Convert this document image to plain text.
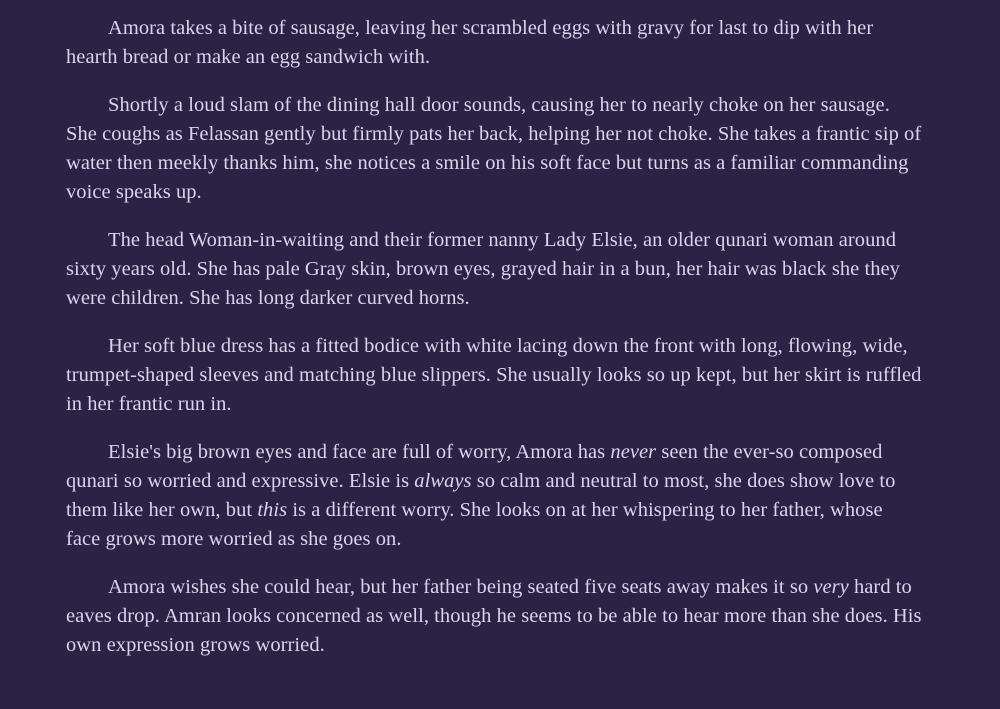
Amora takes a bite of sausage, leaving her scrambled eggs with gravy for last to dip with her hearth bread or make an egg sandwich with.

Shortly a loud slam of the dining hall door sounds, causing her to nearly choke on her sausage. She coughs as Felassan gently but firmly pats her back, helping her not choke. She takes a frantic sip of water then meekly thanks him, she notices a smile on his soft face but turns as a familiar commanding voice speaks up.

The head Woman-in-waiting and their former nanny Lady Elsie, an older qunari woman around sixty years old. She has pale Gray skin, brown eyes, grayed hair in a bun, her hair was black she they were children. She has long darker curved horns.

Her soft blue dress has a fitted bodice with white lacing down the front with long, flowing, wide, trumpet-shaped sleeves and matching blue slippers. She usually looks so up kept, but her skirt is ruffled in her frantic run in.

Elsie's big brown eyes and face are full of worry, Amora has never seen the ever-so composed qunari so worried and expressive. Elsie is always so calm and neutral to most, she does show love to them like her own, but this is a different worry. She looks on at her whispering to her father, whose face grows more worried as she goes on.

Amora wishes she could hear, but her father being seated five seats away makes it so very hard to eaves drop. Amran looks concerned as well, though he seems to be able to hear more than she does. His own expression grows worried.
